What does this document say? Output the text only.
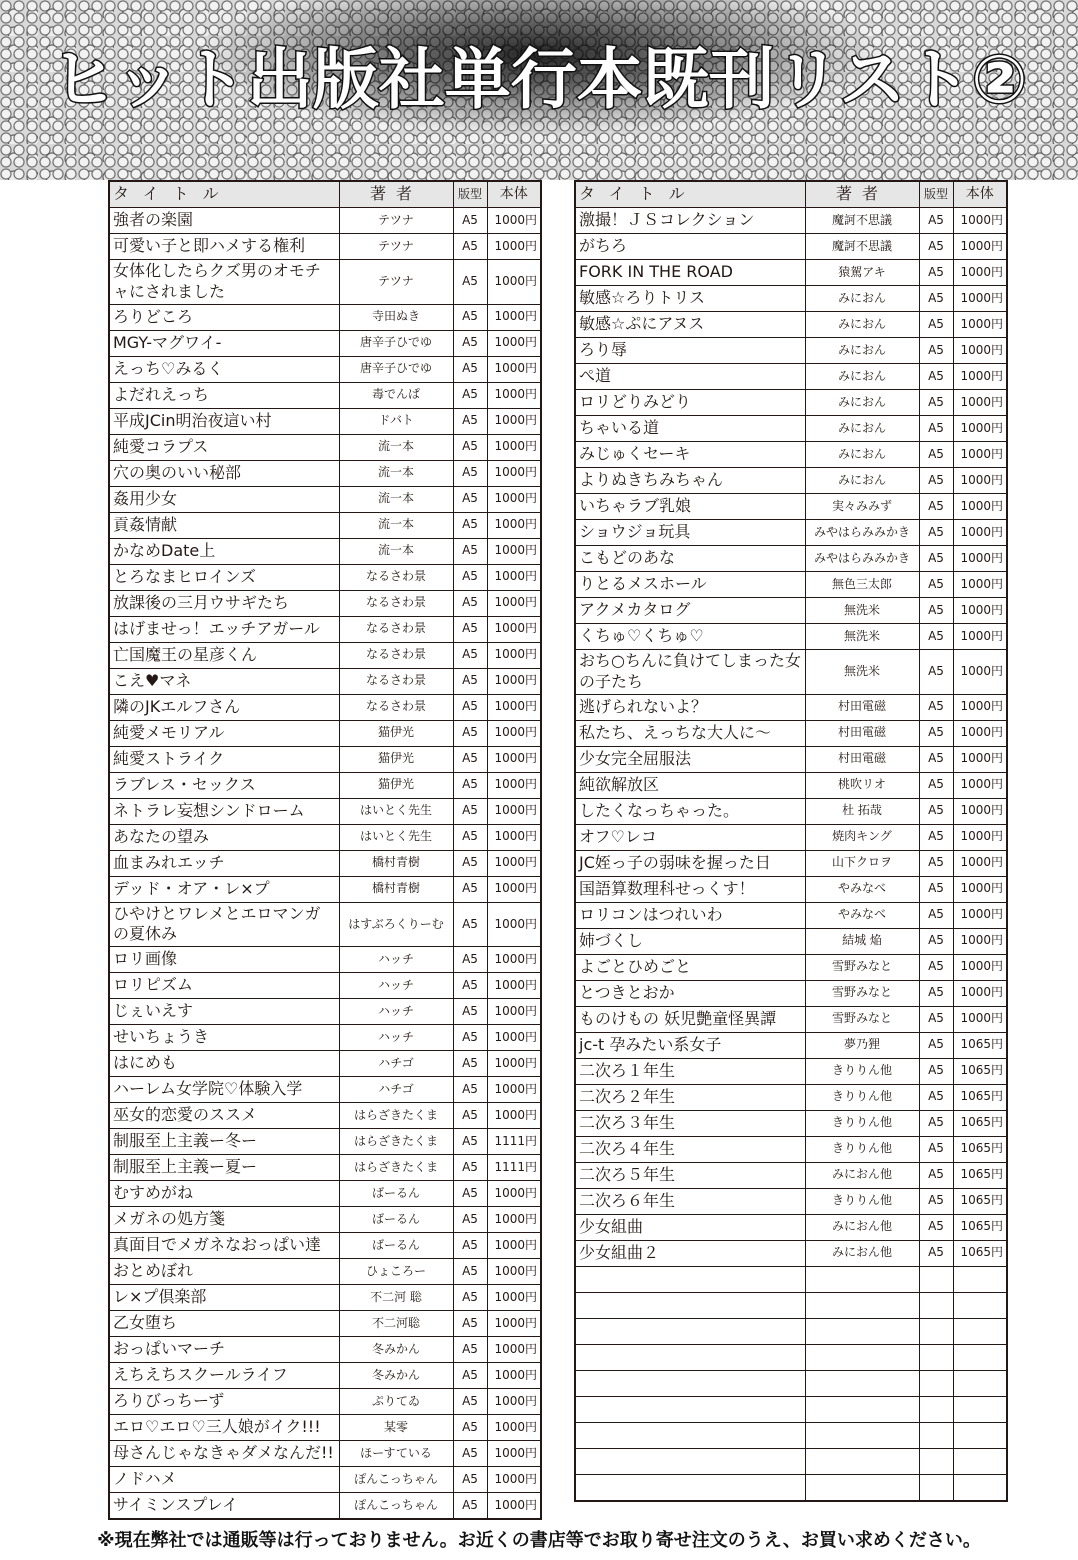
ヒット出版社単行本既刊リスト②
タイトル	著者	版型	本体
強者の楽園	テツナ	A5	1000円
可愛い子と即ハメする権利	テツナ	A5	1000円
女体化したらクズ男のオモチャにされました	テツナ	A5	1000円
ろりどころ	寺田ぬき	A5	1000円
MGY-マグワイ-	唐辛子ひでゆ	A5	1000円
えっち♡みるく	唐辛子ひでゆ	A5	1000円
よだれえっち	毒でんぱ	A5	1000円
平成JCin明治夜這い村	ドバト	A5	1000円
純愛コラプス	流一本	A5	1000円
穴の奥のいい秘部	流一本	A5	1000円
姦用少女	流一本	A5	1000円
貢姦情献	流一本	A5	1000円
かなめDate上	流一本	A5	1000円
とろなまヒロインズ	なるさわ景	A5	1000円
放課後の三月ウサギたち	なるさわ景	A5	1000円
はげませっ！エッチアガール	なるさわ景	A5	1000円
亡国魔王の星彦くん	なるさわ景	A5	1000円
こえ♥マネ	なるさわ景	A5	1000円
隣のJKエルフさん	なるさわ景	A5	1000円
純愛メモリアル	猫伊光	A5	1000円
純愛ストライク	猫伊光	A5	1000円
ラブレス・セックス	猫伊光	A5	1000円
ネトラレ妄想シンドローム	はいとく先生	A5	1000円
あなたの望み	はいとく先生	A5	1000円
血まみれエッチ	橋村青樹	A5	1000円
デッド・オア・レ×プ	橋村青樹	A5	1000円
ひやけとワレメとエロマンガの夏休み	はすぶろくりーむ	A5	1000円
ロリ画像	ハッチ	A5	1000円
ロリピズム	ハッチ	A5	1000円
じぇいえす	ハッチ	A5	1000円
せいちょうき	ハッチ	A5	1000円
はにめも	ハチゴ	A5	1000円
ハーレム女学院♡体験入学	ハチゴ	A5	1000円
巫女的恋愛のススメ	はらざきたくま	A5	1000円
制服至上主義ー冬ー	はらざきたくま	A5	1111円
制服至上主義ー夏ー	はらざきたくま	A5	1111円
むすめがね	ばーるん	A5	1000円
メガネの処方箋	ばーるん	A5	1000円
真面目でメガネなおっぱい達	ばーるん	A5	1000円
おとめぼれ	ひょころー	A5	1000円
レ×プ倶楽部	不二河 聡	A5	1000円
乙女堕ち	不二河聡	A5	1000円
おっぱいマーチ	冬みかん	A5	1000円
えちえちスクールライフ	冬みかん	A5	1000円
ろりびっちーず	ぷりてゐ	A5	1000円
エロ♡エロ♡三人娘がイク!!!	某零	A5	1000円
母さんじゃなきゃダメなんだ!!	ほーすている	A5	1000円
ノドハメ	ぽんこっちゃん	A5	1000円
サイミンスプレイ	ぽんこっちゃん	A5	1000円
タイトル	著者	版型	本体
激撮！ＪＳコレクション	魔訶不思議	A5	1000円
がちろ	魔訶不思議	A5	1000円
FORK IN THE ROAD	猿駕アキ	A5	1000円
敏感☆ろりトリス	みにおん	A5	1000円
敏感☆ぷにアヌス	みにおん	A5	1000円
ろり辱	みにおん	A5	1000円
ぺ道	みにおん	A5	1000円
ロリどりみどり	みにおん	A5	1000円
ちゃいる道	みにおん	A5	1000円
みじゅくセーキ	みにおん	A5	1000円
よりぬきちみちゃん	みにおん	A5	1000円
いちゃラブ乳娘	実々みみず	A5	1000円
ショウジョ玩具	みやはらみみかき	A5	1000円
こもどのあな	みやはらみみかき	A5	1000円
りとるメスホール	無色三太郎	A5	1000円
アクメカタログ	無洗米	A5	1000円
くちゅ♡くちゅ♡	無洗米	A5	1000円
おち○ちんに負けてしまった女の子たち	無洗米	A5	1000円
逃げられないよ？	村田電磁	A5	1000円
私たち、えっちな大人に～	村田電磁	A5	1000円
少女完全屈服法	村田電磁	A5	1000円
純欲解放区	桃吹リオ	A5	1000円
したくなっちゃった。	杜 拓哉	A5	1000円
オフ♡レコ	焼肉キング	A5	1000円
JC姪っ子の弱味を握った日	山下クロヲ	A5	1000円
国語算数理科せっくす！	やみなべ	A5	1000円
ロリコンはつれいわ	やみなべ	A5	1000円
姉づくし	結城 焔	A5	1000円
よごとひめごと	雪野みなと	A5	1000円
とつきとおか	雪野みなと	A5	1000円
ものけもの 妖児艶童怪異譚	雪野みなと	A5	1000円
jc-t 孕みたい系女子	夢乃狸	A5	1065円
二次ろ１年生	きりりん他	A5	1065円
二次ろ２年生	きりりん他	A5	1065円
二次ろ３年生	きりりん他	A5	1065円
二次ろ４年生	きりりん他	A5	1065円
二次ろ５年生	みにおん他	A5	1065円
二次ろ６年生	きりりん他	A5	1065円
少女組曲	みにおん他	A5	1065円
少女組曲２	みにおん他	A5	1065円

※現在弊社では通販等は行っておりません。お近くの書店等でお取り寄せ注文のうえ、お買い求めください。
